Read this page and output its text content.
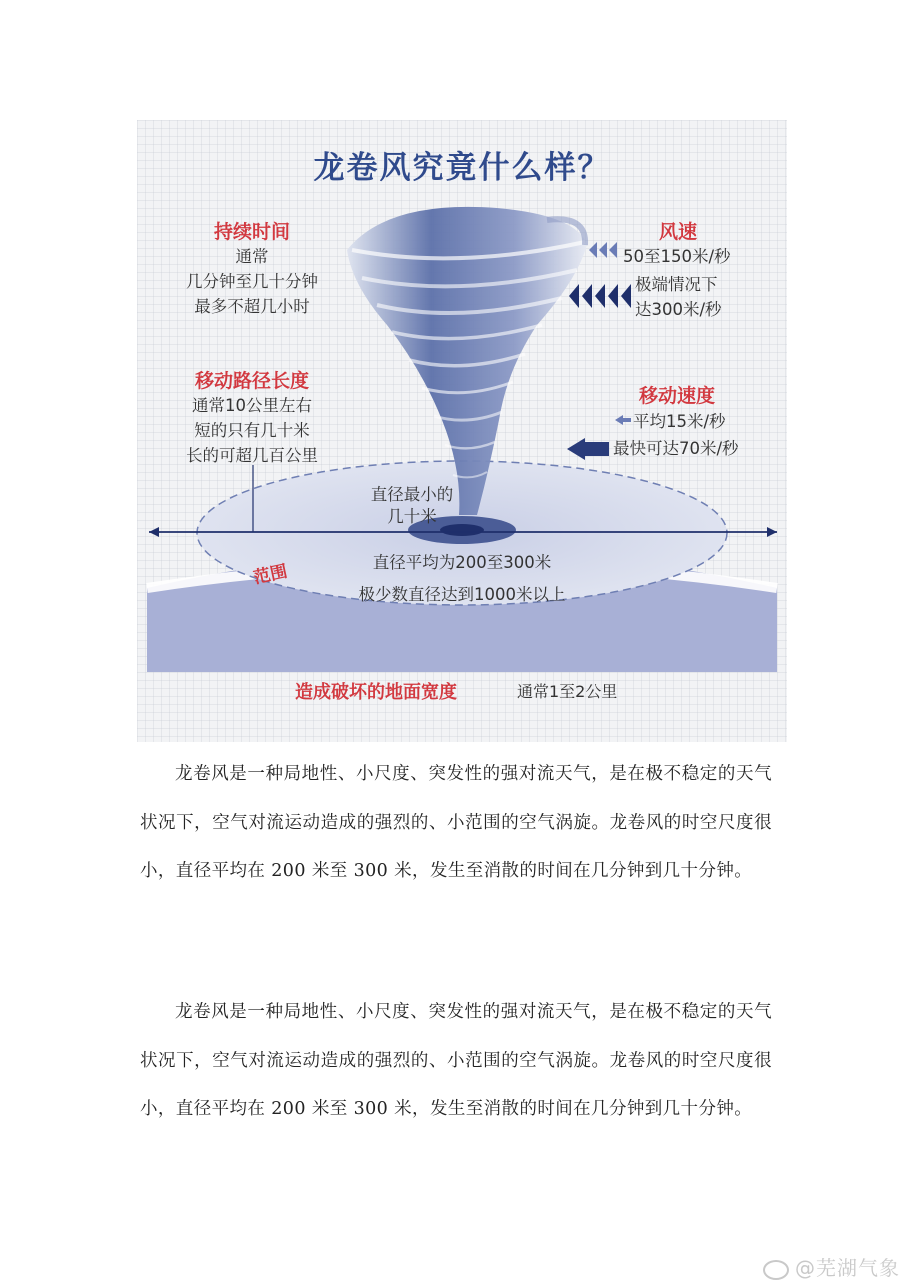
龙卷风究竟什么样？
持续时间
通常
几分钟至几十分钟
最多不超几小时
移动路径长度
通常10公里左右
短的只有几十米
长的可超几百公里
风速
50至150米/秒
极端情况下
达300米/秒
移动速度
平均15米/秒
最快可达70米/秒
直径最小的
几十米
范围	直径平均为200至300米
极少数直径达到1000米以上
造成破坏的地面宽度	通常1至2公里

龙卷风是一种局地性、小尺度、突发性的强对流天气，是在极不稳定的天气状况下，空气对流运动造成的强烈的、小范围的空气涡旋。龙卷风的时空尺度很小，直径平均在 200 米至 300 米，发生至消散的时间在几分钟到几十分钟。

龙卷风是一种局地性、小尺度、突发性的强对流天气，是在极不稳定的天气状况下，空气对流运动造成的强烈的、小范围的空气涡旋。龙卷风的时空尺度很小，直径平均在 200 米至 300 米，发生至消散的时间在几分钟到几十分钟。

@芜湖气象
